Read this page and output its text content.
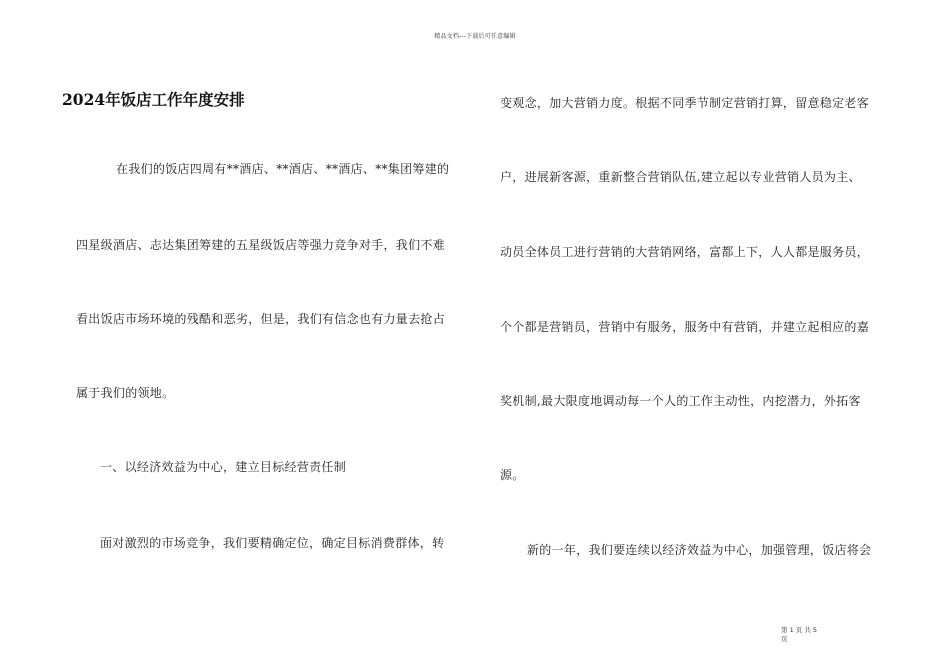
精品文档---下载后可任意编辑
2024年饭店工作年度安排
在我们的饭店四周有**酒店、**酒店、**酒店、**集团筹建的
四星级酒店、志达集团筹建的五星级饭店等强力竞争对手，我们不难
看出饭店市场环境的残酷和恶劣，但是，我们有信念也有力量去抢占
属于我们的领地。
一、以经济效益为中心，建立目标经营责任制
面对激烈的市场竞争，我们要精确定位，确定目标消费群体，转
变观念，加大营销力度。根据不同季节制定营销打算，留意稳定老客
户，进展新客源，重新整合营销队伍,建立起以专业营销人员为主、
动员全体员工进行营销的大营销网络，富都上下，人人都是服务员，
个个都是营销员，营销中有服务，服务中有营销，并建立起相应的嘉
奖机制,最大限度地调动每一个人的工作主动性，内挖潜力，外拓客
源。
新的一年，我们要连续以经济效益为中心，加强管理，饭店将会
第 1 页 共 5 页
